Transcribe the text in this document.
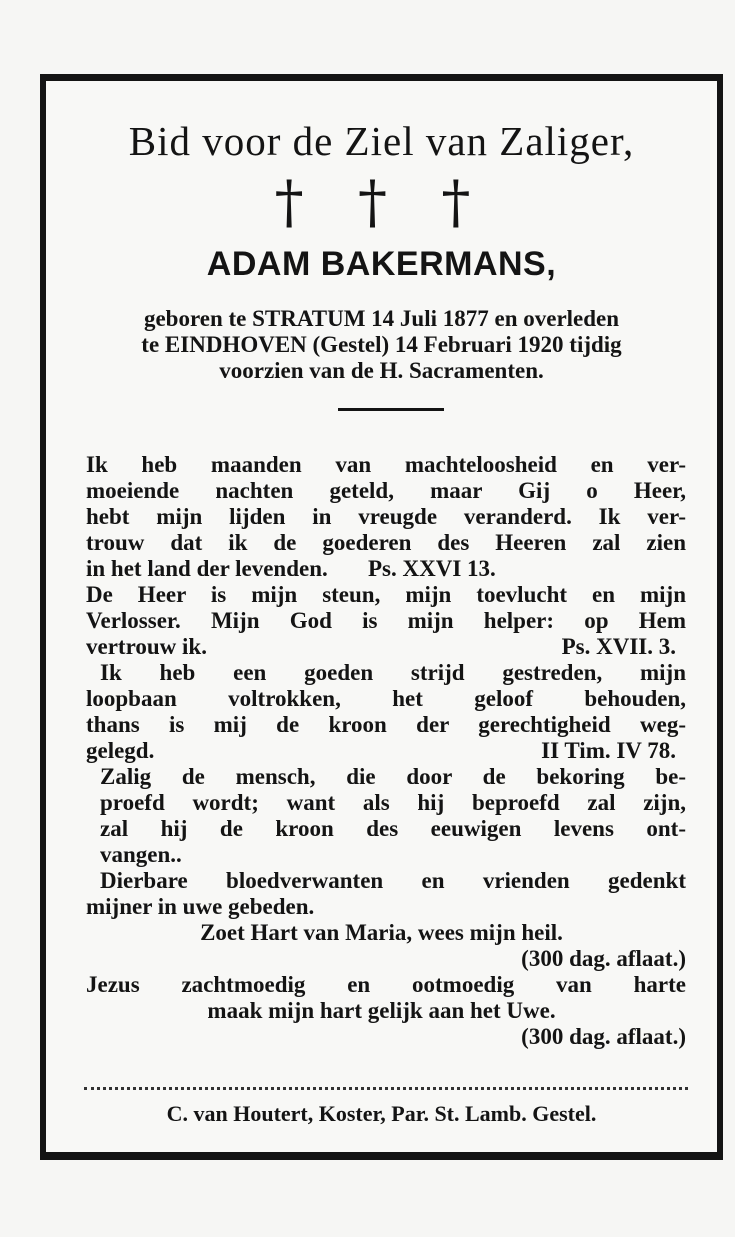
Bid voor de Ziel van Zaliger,
† † †
ADAM BAKERMANS,
geboren te STRATUM 14 Juli 1877 en overleden
te EINDHOVEN (Gestel) 14 Februari 1920 tijdig
voorzien van de H. Sacramenten.
Ik heb maanden van machteloosheid en ver-
moeiende nachten geteld, maar Gij o Heer,
hebt mijn lijden in vreugde veranderd. Ik ver-
trouw dat ik de goederen des Heeren zal zien
in het land der levenden.       Ps. XXVI 13.
De Heer is mijn steun, mijn toevlucht en mijn
Verlosser. Mijn God is mijn helper: op Hem
vertrouw ik.	Ps. XVII. 3.
Ik heb een goeden strijd gestreden, mijn
loopbaan voltrokken, het geloof behouden,
thans is mij de kroon der gerechtigheid weg-
gelegd.	II Tim. IV 78.
Zalig de mensch, die door de bekoring be-
proefd wordt; want als hij beproefd zal zijn,
zal hij de kroon des eeuwigen levens ont-
vangen..
Dierbare bloedverwanten en vrienden gedenkt
mijner in uwe gebeden.
Zoet Hart van Maria, wees mijn heil.
(300 dag. aflaat.)
Jezus zachtmoedig en ootmoedig van harte
maak mijn hart gelijk aan het Uwe.
(300 dag. aflaat.)
C. van Houtert, Koster, Par. St. Lamb. Gestel.
